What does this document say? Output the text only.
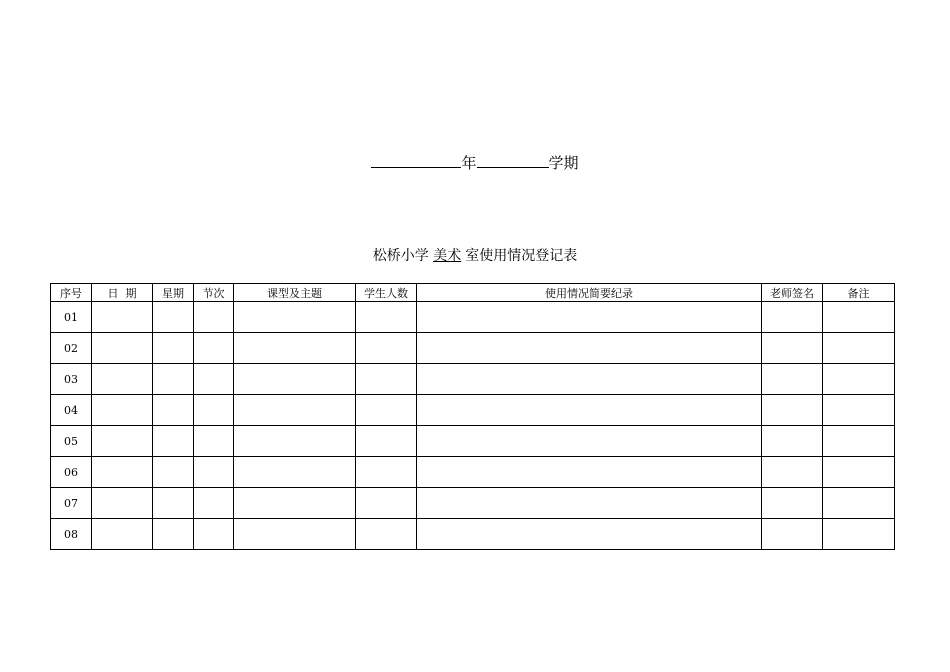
年	学期
松桥小学 美术 室使用情况登记表
序号	日  期	星期	节次	课型及主题	学生人数	使用情况简要纪录	老师签名	备注
01								
02								
03								
04								
05								
06								
07								
08								
